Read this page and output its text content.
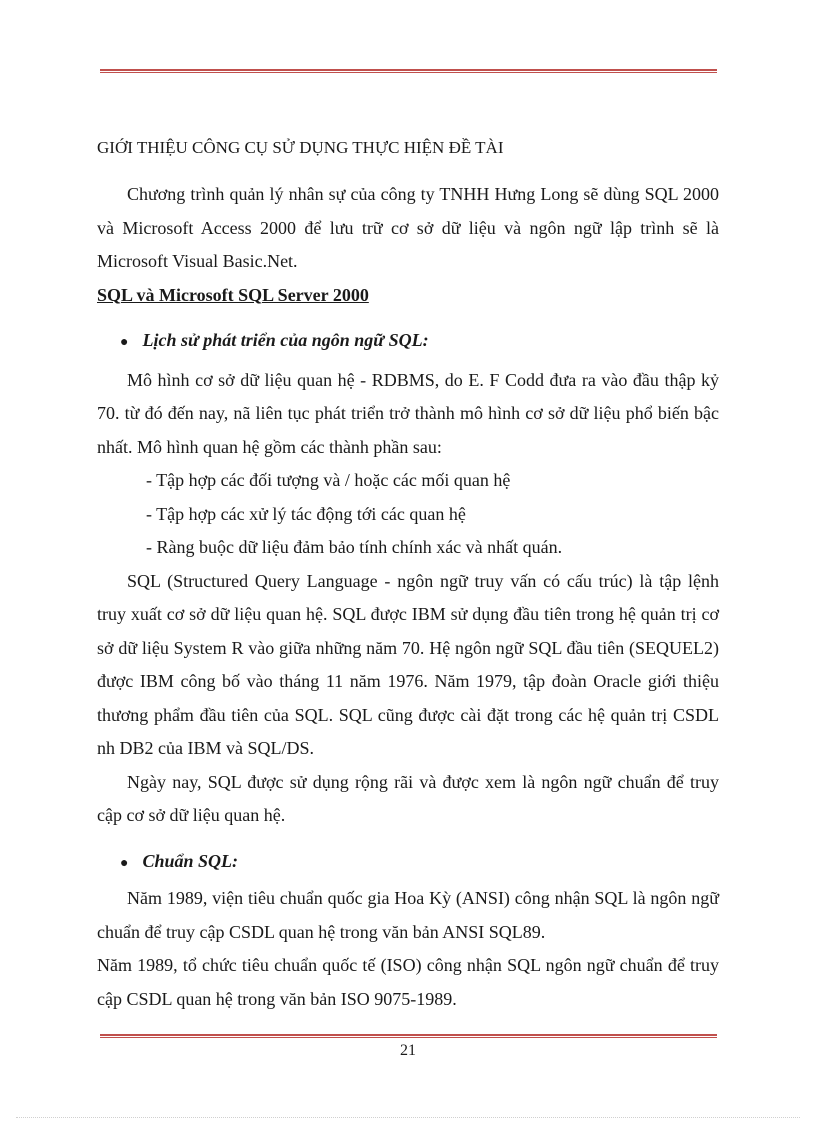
GIỚI THIỆU CÔNG CỤ SỬ DỤNG THỰC HIỆN ĐỀ TÀI

Chương trình quản lý nhân sự của công ty TNHH Hưng Long sẽ dùng SQL 2000 và Microsoft Access 2000 để lưu trữ cơ sở dữ liệu và ngôn ngữ lập trình sẽ là Microsoft Visual Basic.Net.

SQL và Microsoft SQL Server 2000

● Lịch sử phát triển của ngôn ngữ SQL:

Mô hình cơ sở dữ liệu quan hệ - RDBMS, do E. F Codd đưa ra vào đầu thập kỷ 70. từ đó đến nay, nã liên tục phát triển trở thành mô hình cơ sở dữ liệu phổ biến bậc nhất. Mô hình quan hệ gồm các thành phần sau:

- Tập hợp các đối tượng và / hoặc các mối quan hệ

- Tập hợp các xử lý tác động tới các quan hệ

- Ràng buộc dữ liệu đảm bảo tính chính xác và nhất quán.

SQL (Structured Query Language - ngôn ngữ truy vấn có cấu trúc) là tập lệnh truy xuất cơ sở dữ liệu quan hệ. SQL được IBM sử dụng đầu tiên trong hệ quản trị cơ sở dữ liệu System R vào giữa những năm 70. Hệ ngôn ngữ SQL đầu tiên (SEQUEL2) được IBM công bố vào tháng 11 năm 1976. Năm 1979, tập đoàn Oracle giới thiệu thương phẩm đầu tiên của SQL. SQL cũng được cài đặt trong các hệ quản trị CSDL nh DB2 của IBM và SQL/DS.

Ngày nay, SQL được sử dụng rộng rãi và được xem là ngôn ngữ chuẩn để truy cập cơ sở dữ liệu quan hệ.

● Chuẩn SQL:

Năm 1989, viện tiêu chuẩn quốc gia Hoa Kỳ (ANSI) công nhận SQL là ngôn ngữ chuẩn để truy cập CSDL quan hệ trong văn bản ANSI SQL89.

Năm 1989, tổ chức tiêu chuẩn quốc tế (ISO) công nhận SQL ngôn ngữ chuẩn để truy cập CSDL quan hệ trong văn bản ISO 9075-1989.

21
